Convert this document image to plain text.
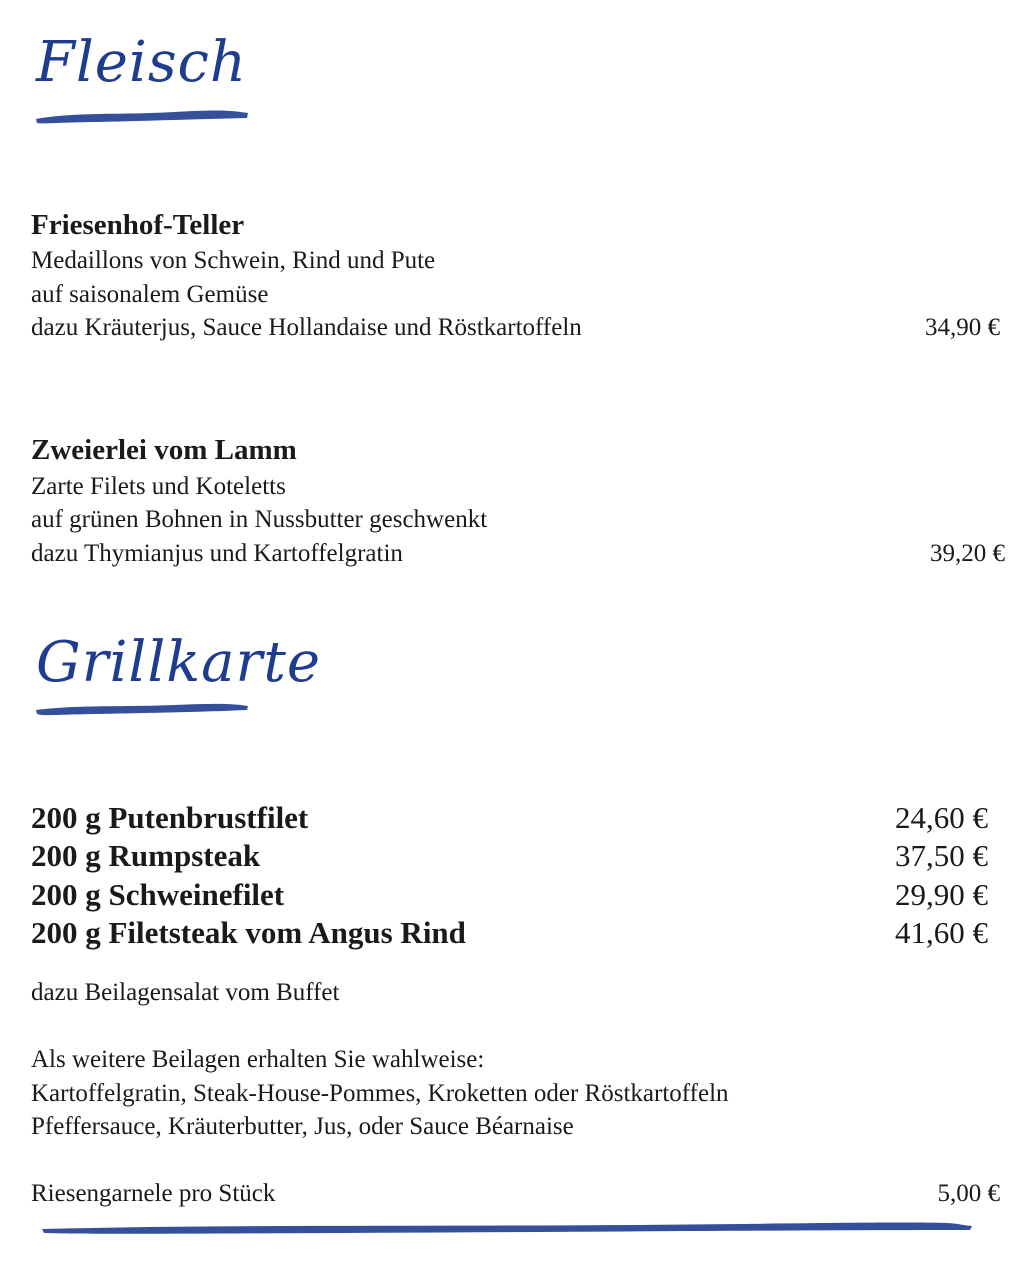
Fleisch
Friesenhof-Teller
Medaillons von Schwein, Rind und Pute
auf saisonalem Gemüse
dazu Kräuterjus, Sauce Hollandaise und Röstkartoffeln	34,90 €
Zweierlei vom Lamm
Zarte Filets und Koteletts
auf grünen Bohnen in Nussbutter geschwenkt
dazu Thymianjus und Kartoffelgratin	39,20 €
Grillkarte
200 g Putenbrustfilet	24,60 €
200 g Rumpsteak	37,50 €
200 g Schweinefilet	29,90 €
200 g Filetsteak vom Angus Rind	41,60 €
dazu Beilagensalat vom Buffet
Als weitere Beilagen erhalten Sie wahlweise:
Kartoffelgratin, Steak-House-Pommes, Kroketten oder Röstkartoffeln
Pfeffersauce, Kräuterbutter, Jus, oder Sauce Béarnaise
Riesengarnele pro Stück	5,00 €
